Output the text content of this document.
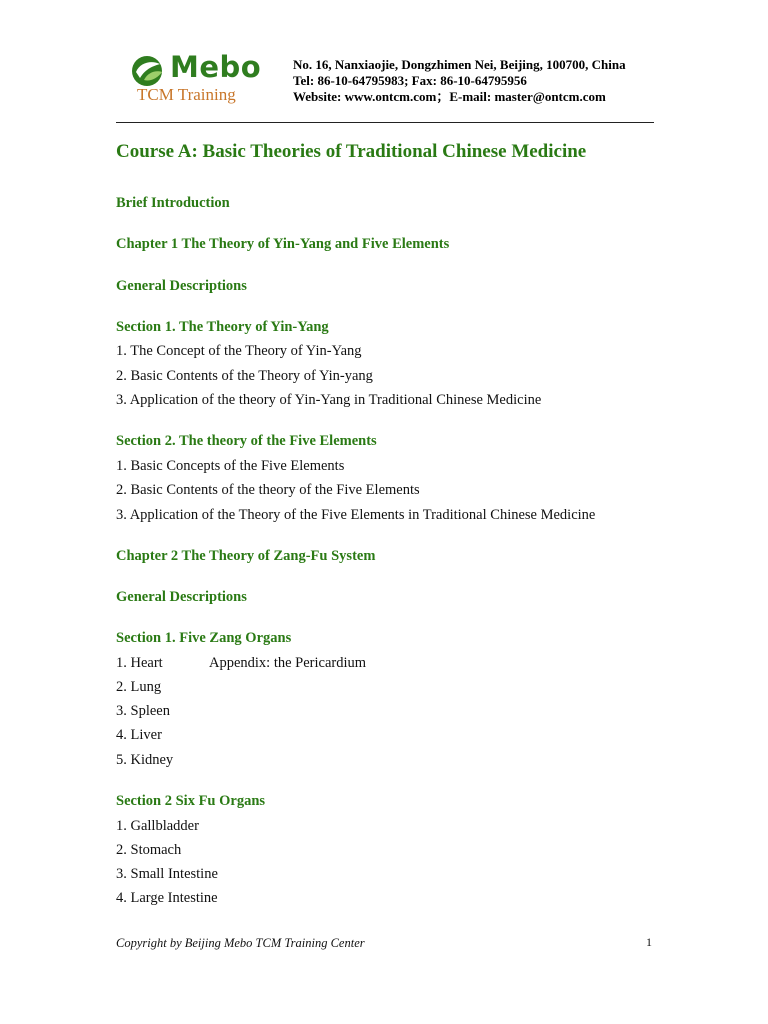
Mebo
TCM Training
No. 16, Nanxiaojie, Dongzhimen Nei, Beijing, 100700, China
Tel: 86-10-64795983; Fax: 86-10-64795956
Website: www.ontcm.com；E-mail: master@ontcm.com
Course A: Basic Theories of Traditional Chinese Medicine
Brief Introduction
Chapter 1 The Theory of Yin-Yang and Five Elements
General Descriptions
Section 1. The Theory of Yin-Yang
1. The Concept of the Theory of Yin-Yang
2. Basic Contents of the Theory of Yin-yang
3. Application of the theory of Yin-Yang in Traditional Chinese Medicine
Section 2. The theory of the Five Elements
1. Basic Concepts of the Five Elements
2. Basic Contents of the theory of the Five Elements
3. Application of the Theory of the Five Elements in Traditional Chinese Medicine
Chapter 2 The Theory of Zang-Fu System
General Descriptions
Section 1. Five Zang Organs
1. Heart	Appendix: the Pericardium
2. Lung
3. Spleen
4. Liver
5. Kidney
Section 2 Six Fu Organs
1. Gallbladder
2. Stomach
3. Small Intestine
4. Large Intestine
Copyright by Beijing Mebo TCM Training Center	1
